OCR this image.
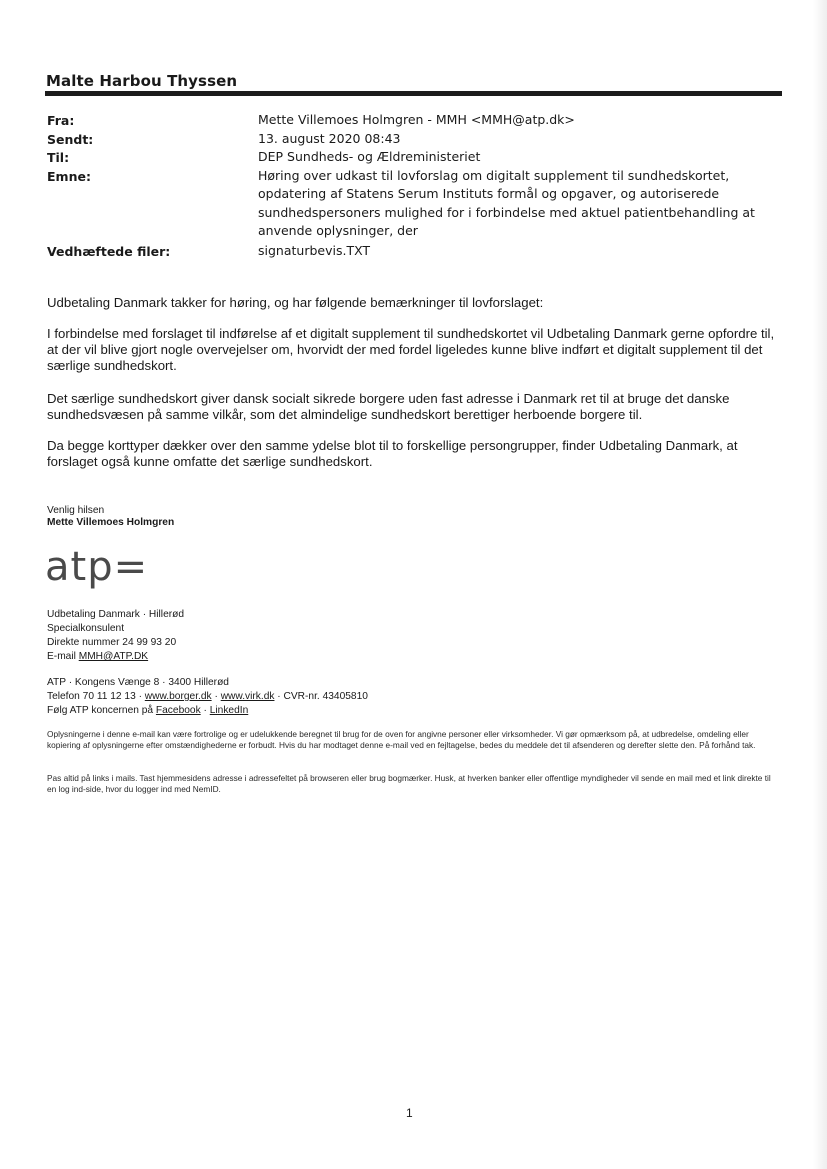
Malte Harbou Thyssen
Fra:	Mette Villemoes Holmgren - MMH <MMH@atp.dk>
Sendt:	13. august 2020 08:43
Til:	DEP Sundheds- og Ældreministeriet
Emne:	Høring over udkast til lovforslag om digitalt supplement til sundhedskortet, opdatering af Statens Serum Instituts formål og opgaver, og autoriserede sundhedspersoners mulighed for i forbindelse med aktuel patientbehandling at anvende oplysninger, der
Vedhæftede filer:	signaturbevis.TXT
Udbetaling Danmark takker for høring, og har følgende bemærkninger til lovforslaget:
I forbindelse med forslaget til indførelse af et digitalt supplement til sundhedskortet vil Udbetaling Danmark gerne opfordre til, at der vil blive gjort nogle overvejelser om, hvorvidt der med fordel ligeledes kunne blive indført et digitalt supplement til det særlige sundhedskort.
Det særlige sundhedskort giver dansk socialt sikrede borgere uden fast adresse i Danmark ret til at bruge det danske sundhedsvæsen på samme vilkår, som det almindelige sundhedskort berettiger herboende borgere til.
Da begge korttyper dækker over den samme ydelse blot til to forskellige persongrupper, finder Udbetaling Danmark, at forslaget også kunne omfatte det særlige sundhedskort.
Venlig hilsen
Mette Villemoes Holmgren
atp=
Udbetaling Danmark · Hillerød
Specialkonsulent
Direkte nummer 24 99 93 20
E-mail MMH@ATP.DK
ATP · Kongens Vænge 8 · 3400 Hillerød
Telefon 70 11 12 13 · www.borger.dk · www.virk.dk · CVR-nr. 43405810
Følg ATP koncernen på Facebook · LinkedIn
Oplysningerne i denne e-mail kan være fortrolige og er udelukkende beregnet til brug for de oven for angivne personer eller virksomheder. Vi gør opmærksom på, at udbredelse, omdeling eller kopiering af oplysningerne efter omstændighederne er forbudt. Hvis du har modtaget denne e-mail ved en fejltagelse, bedes du meddele det til afsenderen og derefter slette den. På forhånd tak.
Pas altid på links i mails. Tast hjemmesidens adresse i adressefeltet på browseren eller brug bogmærker. Husk, at hverken banker eller offentlige myndigheder vil sende en mail med et link direkte til en log ind-side, hvor du logger ind med NemID.
1
